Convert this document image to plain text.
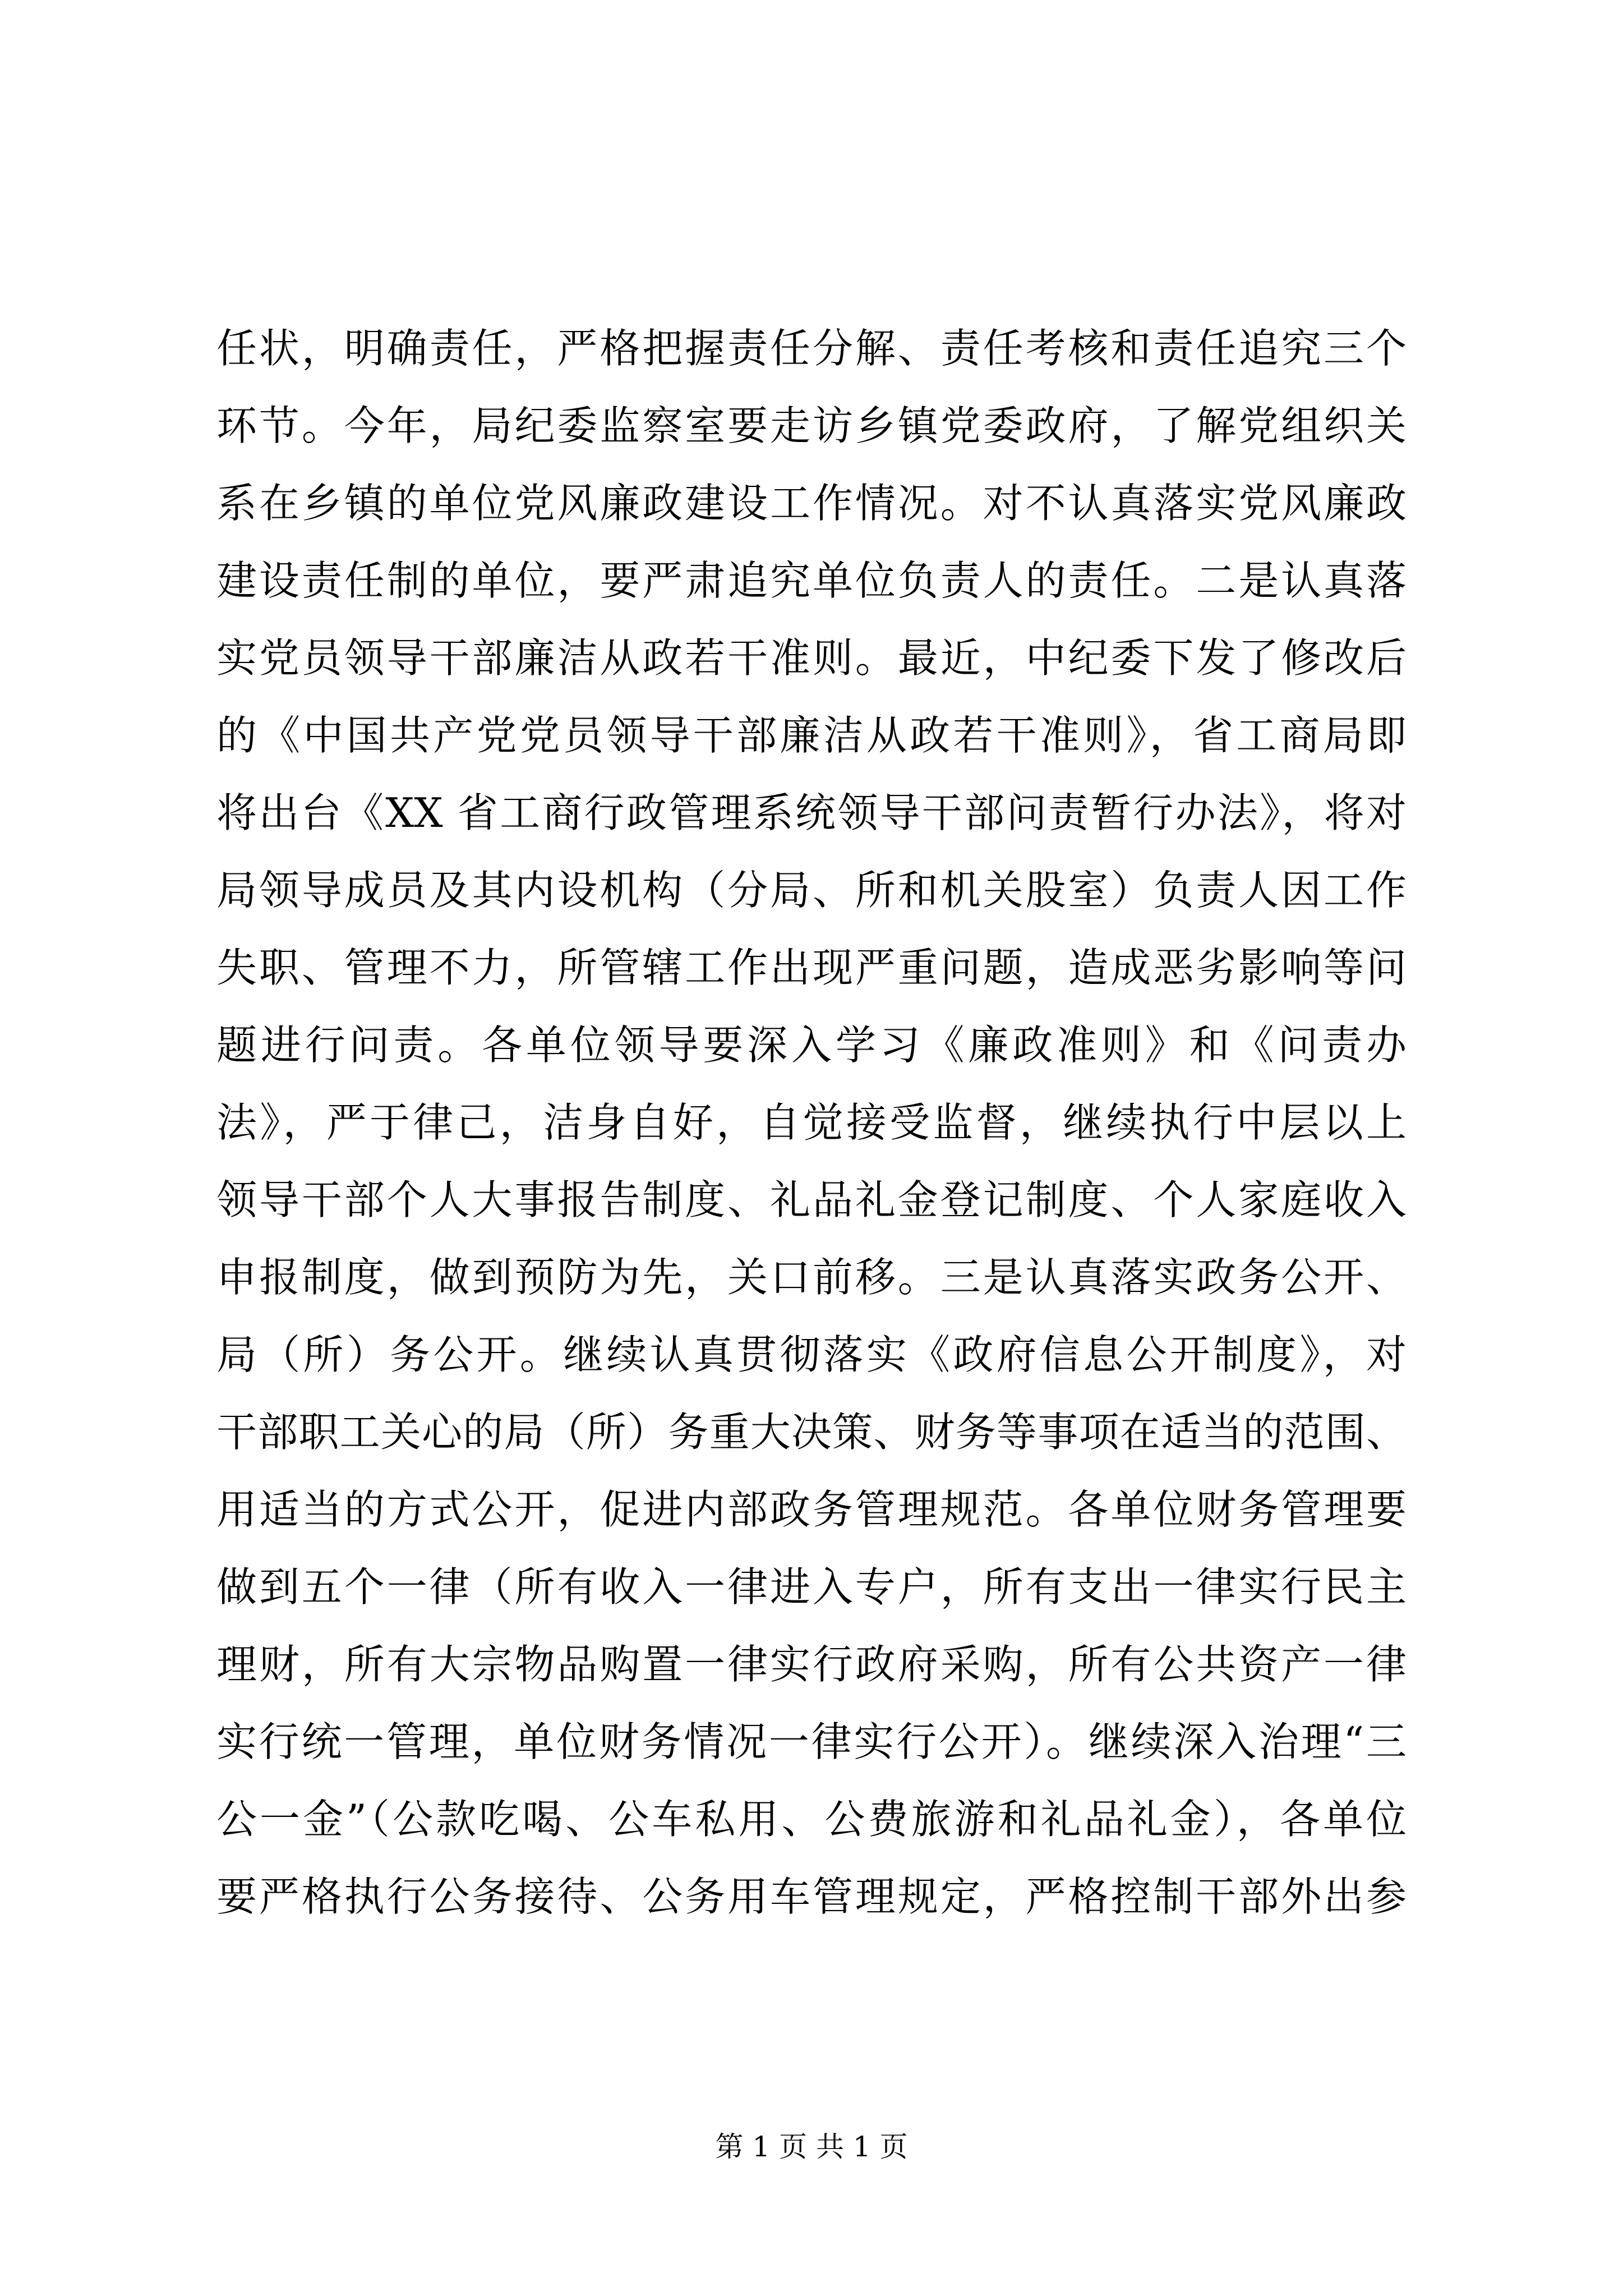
任状，明确责任，严格把握责任分解、责任考核和责任追究三个
环节。今年，局纪委监察室要走访乡镇党委政府，了解党组织关
系在乡镇的单位党风廉政建设工作情况。对不认真落实党风廉政
建设责任制的单位，要严肃追究单位负责人的责任。二是认真落
实党员领导干部廉洁从政若干准则。最近，中纪委下发了修改后
的《中国共产党党员领导干部廉洁从政若干准则》，省工商局即
将出台《XX 省工商行政管理系统领导干部问责暂行办法》，将对
局领导成员及其内设机构（分局、所和机关股室）负责人因工作
失职、管理不力，所管辖工作出现严重问题，造成恶劣影响等问
题进行问责。各单位领导要深入学习《廉政准则》和《问责办
法》，严于律己，洁身自好，自觉接受监督，继续执行中层以上
领导干部个人大事报告制度、礼品礼金登记制度、个人家庭收入
申报制度，做到预防为先，关口前移。三是认真落实政务公开、
局（所）务公开。继续认真贯彻落实《政府信息公开制度》，对
干部职工关心的局（所）务重大决策、财务等事项在适当的范围、
用适当的方式公开，促进内部政务管理规范。各单位财务管理要
做到五个一律（所有收入一律进入专户，所有支出一律实行民主
理财，所有大宗物品购置一律实行政府采购，所有公共资产一律
实行统一管理，单位财务情况一律实行公开）。继续深入治理“三
公一金”（公款吃喝、公车私用、公费旅游和礼品礼金），各单位
要严格执行公务接待、公务用车管理规定，严格控制干部外出参
第 1 页 共 1 页
